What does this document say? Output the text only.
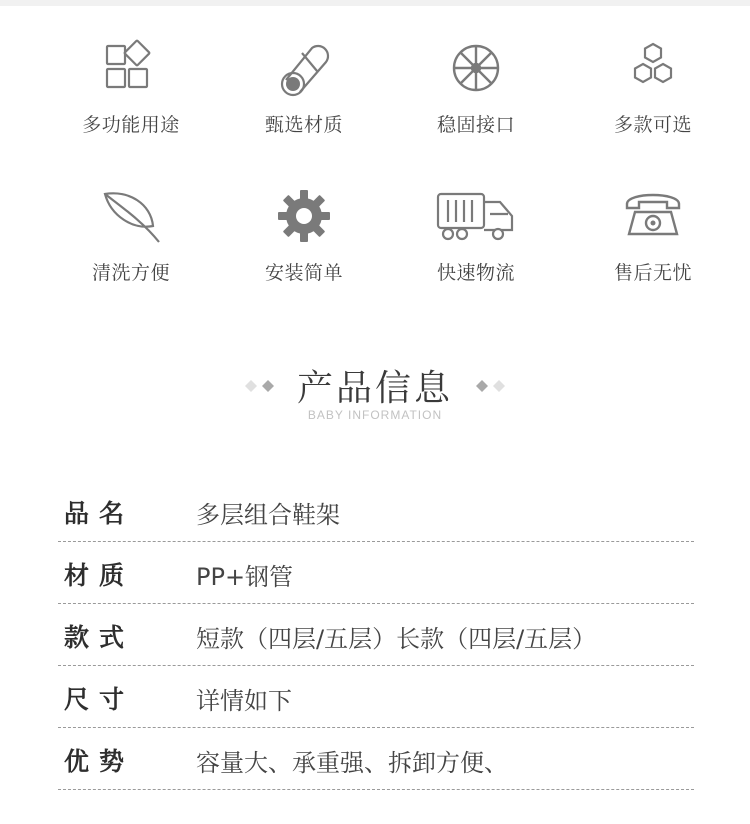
多功能用途	甄选材质	稳固接口	多款可选
清洗方便	安装简单	快速物流	售后无忧
产品信息
BABY INFORMATION
品名	多层组合鞋架
材质	PP+钢管
款式	短款（四层/五层）长款（四层/五层）
尺寸	详情如下
优势	容量大、承重强、拆卸方便、
